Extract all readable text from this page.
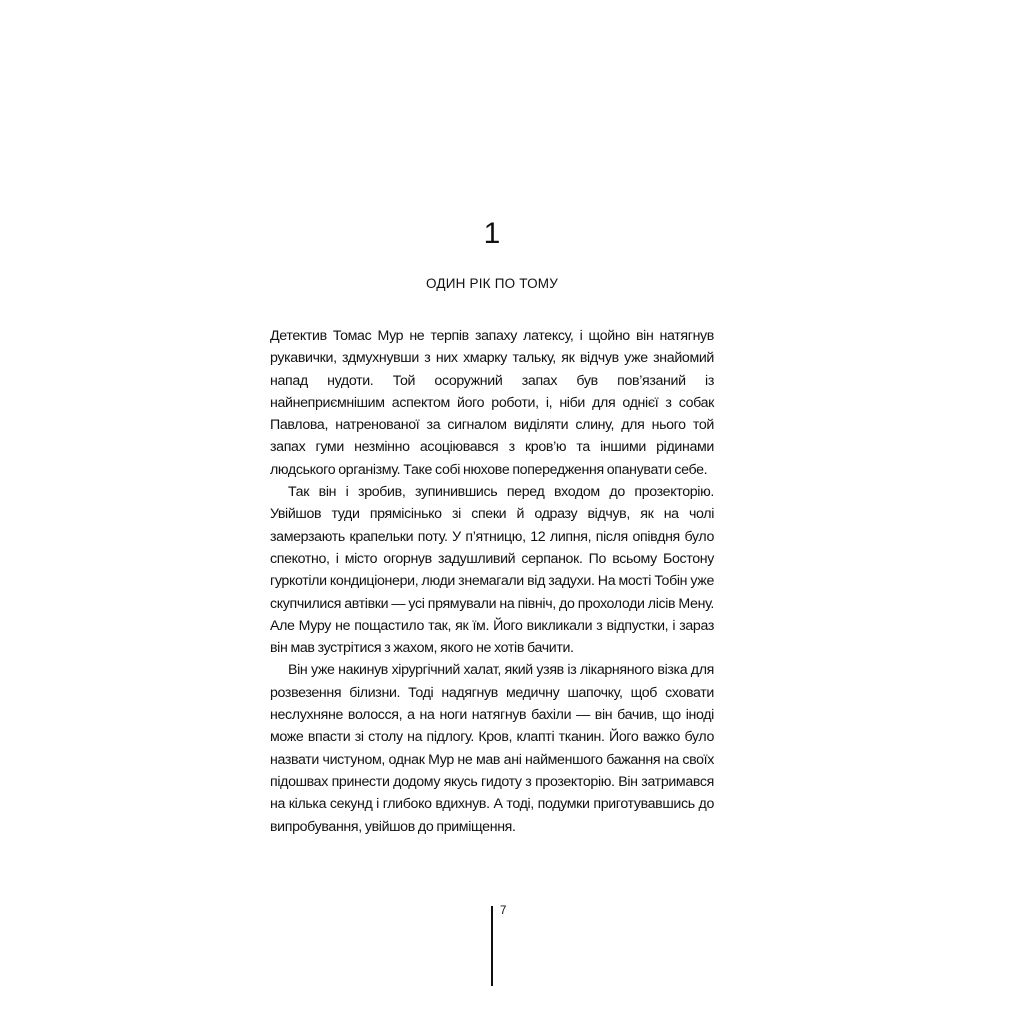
1
ОДИН РІК ПО ТОМУ

Детектив Томас Мур не терпів запаху латексу, і щойно він натягнув рукавички, здмухнувши з них хмарку тальку, як відчув уже знайомий напад нудоти. Той осоружний запах був пов’язаний із найнеприємнішим аспектом його роботи, і, ніби для однієї з собак Павлова, натренованої за сигналом виділяти слину, для нього той запах гуми незмінно асоціювався з кров’ю та іншими рідинами людського організму. Таке собі нюхове попередження опанувати себе.

Так він і зробив, зупинившись перед входом до прозекторію. Увійшов туди прямісінько зі спеки й одразу відчув, як на чолі замерзають крапельки поту. У п’ятницю, 12 липня, після опівдня було спекотно, і місто огорнув задушливий серпанок. По всьому Бостону гуркотіли кондиціонери, люди знемагали від задухи. На мості Тобін уже скупчилися автівки — усі прямували на північ, до прохолоди лісів Мену. Але Муру не пощастило так, як їм. Його викликали з відпустки, і зараз він мав зустрітися з жахом, якого не хотів бачити.

Він уже накинув хірургічний халат, який узяв із лікарняного візка для розвезення білизни. Тоді надягнув медичну шапочку, щоб сховати неслухняне волосся, а на ноги натягнув бахіли — він бачив, що іноді може впасти зі столу на підлогу. Кров, клапті тканин. Його важко було назвати чистуном, однак Мур не мав ані найменшого бажання на своїх підошвах принести додому якусь гидоту з прозекторію. Він затримався на кілька секунд і глибоко вдихнув. А тоді, подумки приготувавшись до випробування, увійшов до приміщення.

7
